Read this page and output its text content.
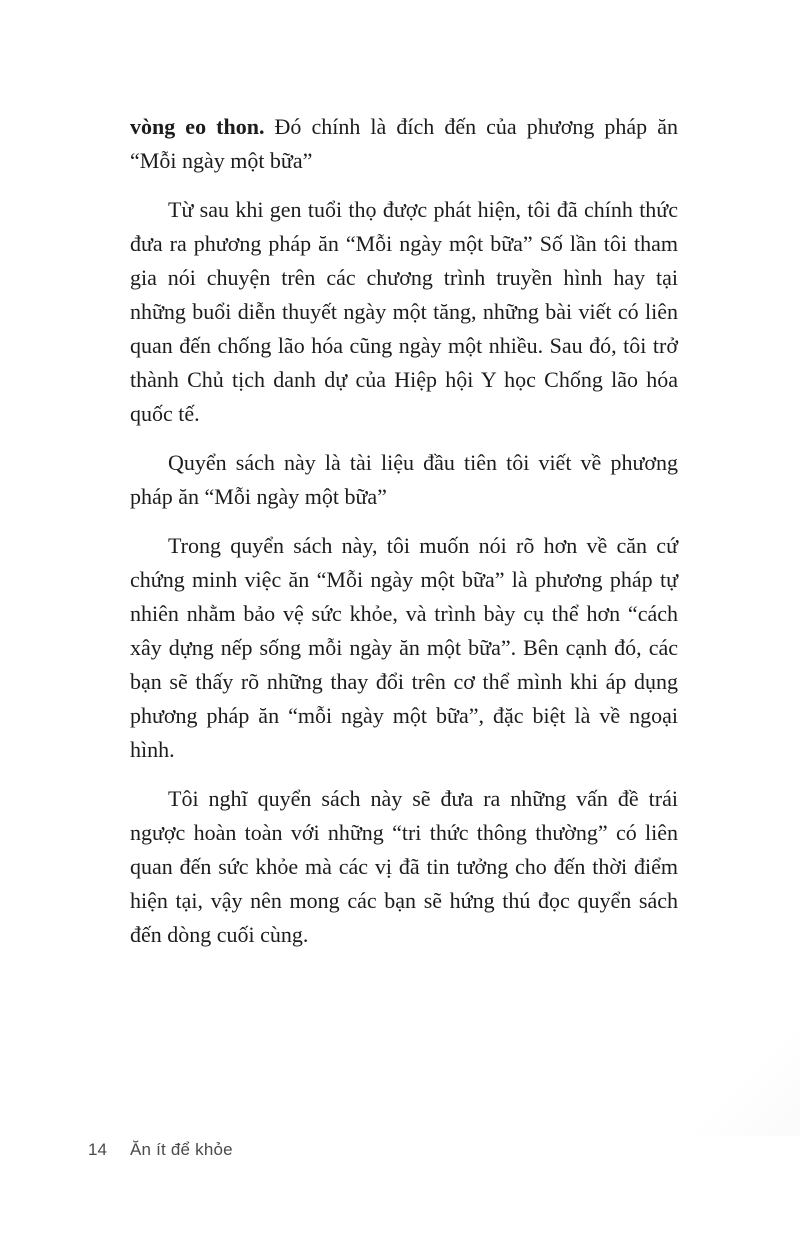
vòng eo thon. Đó chính là đích đến của phương pháp ăn “Mỗi ngày một bữa”

Từ sau khi gen tuổi thọ được phát hiện, tôi đã chính thức đưa ra phương pháp ăn “Mỗi ngày một bữa” Số lần tôi tham gia nói chuyện trên các chương trình truyền hình hay tại những buổi diễn thuyết ngày một tăng, những bài viết có liên quan đến chống lão hóa cũng ngày một nhiều. Sau đó, tôi trở thành Chủ tịch danh dự của Hiệp hội Y học Chống lão hóa quốc tế.

Quyển sách này là tài liệu đầu tiên tôi viết về phương pháp ăn “Mỗi ngày một bữa”

Trong quyển sách này, tôi muốn nói rõ hơn về căn cứ chứng minh việc ăn “Mỗi ngày một bữa” là phương pháp tự nhiên nhằm bảo vệ sức khỏe, và trình bày cụ thể hơn “cách xây dựng nếp sống mỗi ngày ăn một bữa”. Bên cạnh đó, các bạn sẽ thấy rõ những thay đổi trên cơ thể mình khi áp dụng phương pháp ăn “mỗi ngày một bữa”, đặc biệt là về ngoại hình.

Tôi nghĩ quyển sách này sẽ đưa ra những vấn đề trái ngược hoàn toàn với những “tri thức thông thường” có liên quan đến sức khỏe mà các vị đã tin tưởng cho đến thời điểm hiện tại, vậy nên mong các bạn sẽ hứng thú đọc quyển sách đến dòng cuối cùng.

14	Ăn ít để khỏe
